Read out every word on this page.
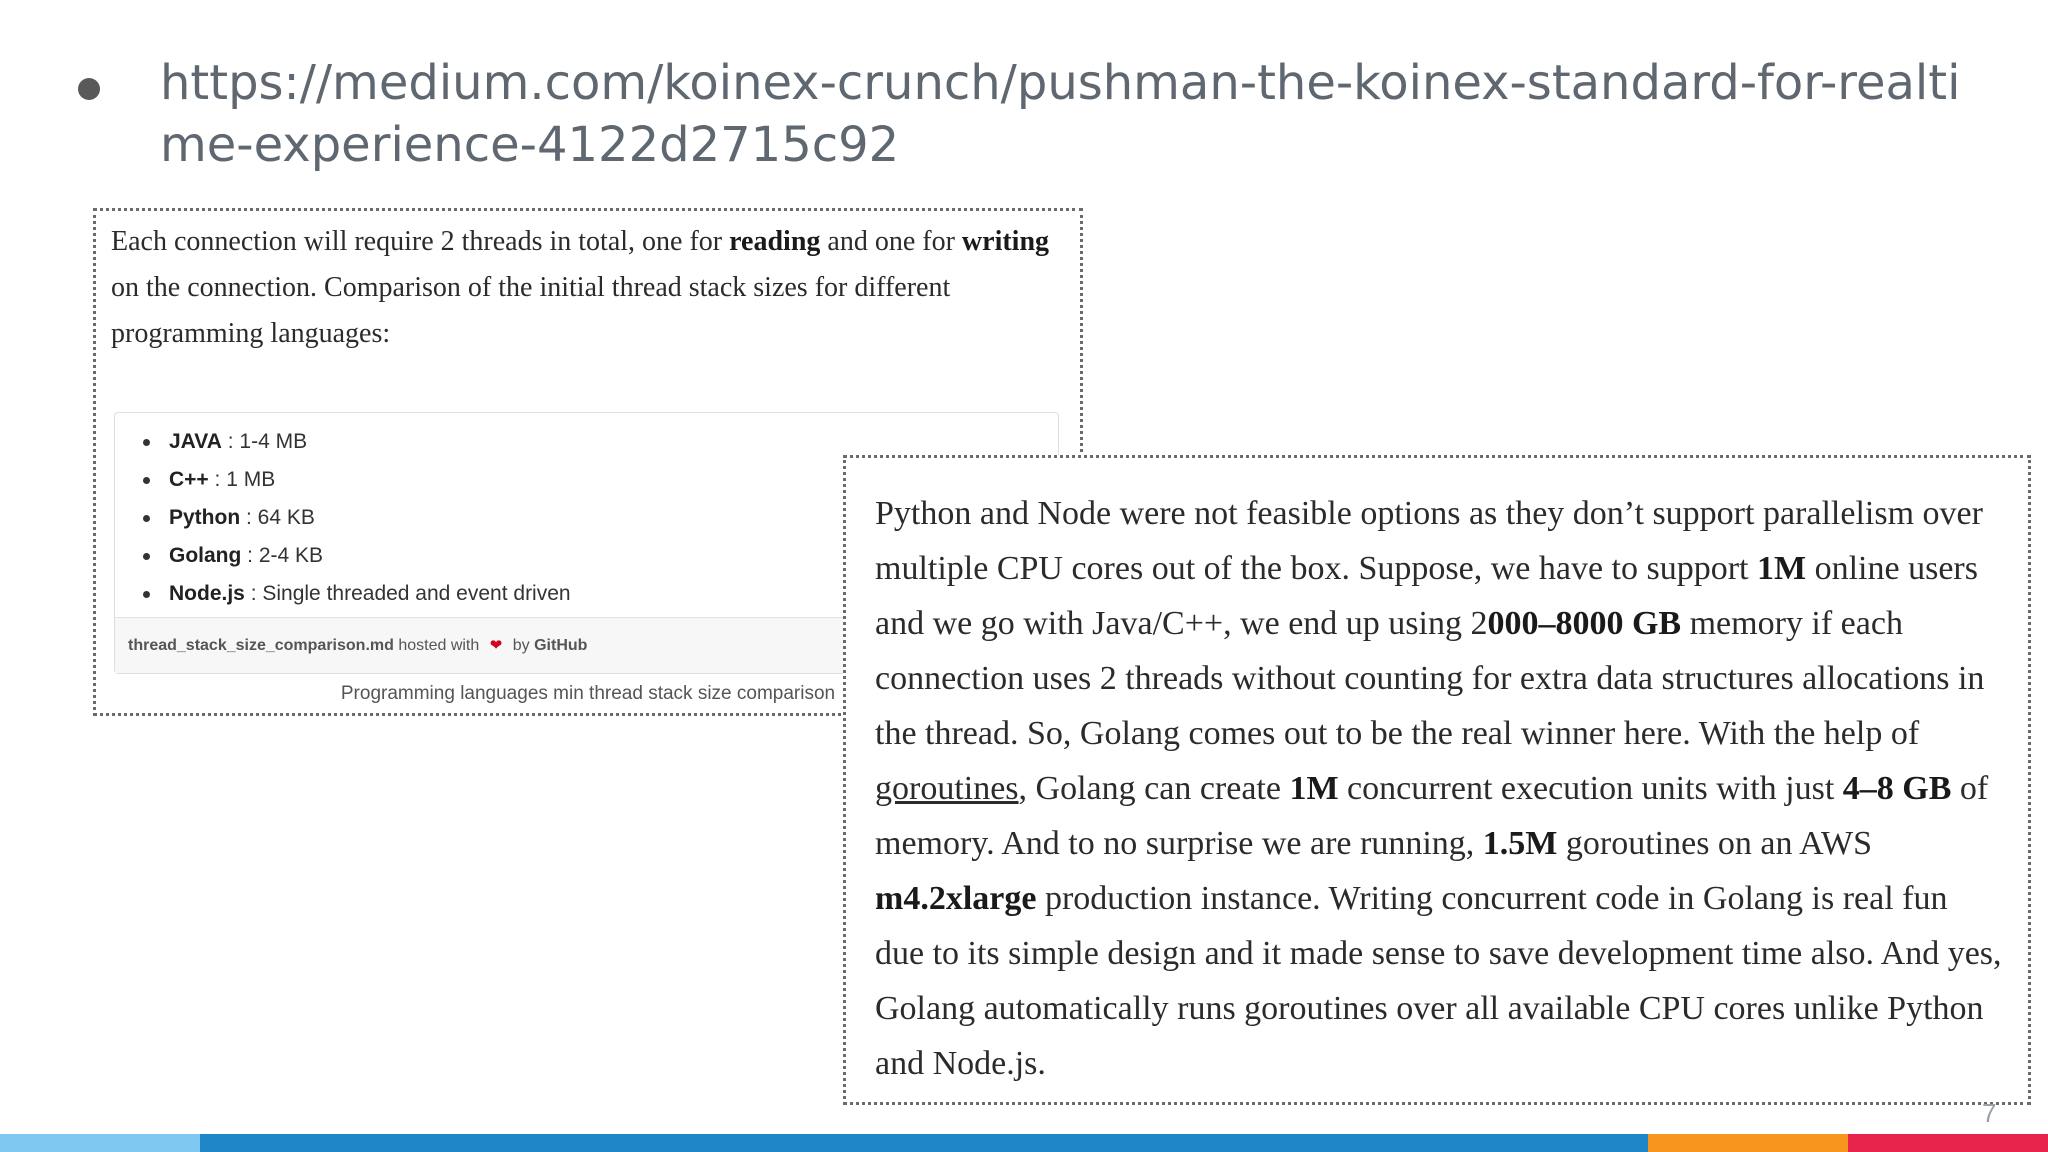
https://medium.com/koinex-crunch/pushman-the-koinex-standard-for-realtime-experience-4122d2715c92
Each connection will require 2 threads in total, one for reading and one for writing on the connection. Comparison of the initial thread stack sizes for different programming languages:
JAVA : 1-4 MB
C++ : 1 MB
Python : 64 KB
Golang : 2-4 KB
Node.js : Single threaded and event driven
thread_stack_size_comparison.md hosted with ❤ by GitHub
Programming languages min thread stack size comparison
Python and Node were not feasible options as they don’t support parallelism over multiple CPU cores out of the box. Suppose, we have to support 1M online users and we go with Java/C++, we end up using 2000–8000 GB memory if each connection uses 2 threads without counting for extra data structures allocations in the thread. So, Golang comes out to be the real winner here. With the help of goroutines, Golang can create 1M concurrent execution units with just 4–8 GB of memory. And to no surprise we are running, 1.5M goroutines on an AWS m4.2xlarge production instance. Writing concurrent code in Golang is real fun due to its simple design and it made sense to save development time also. And yes, Golang automatically runs goroutines over all available CPU cores unlike Python and Node.js.
7
